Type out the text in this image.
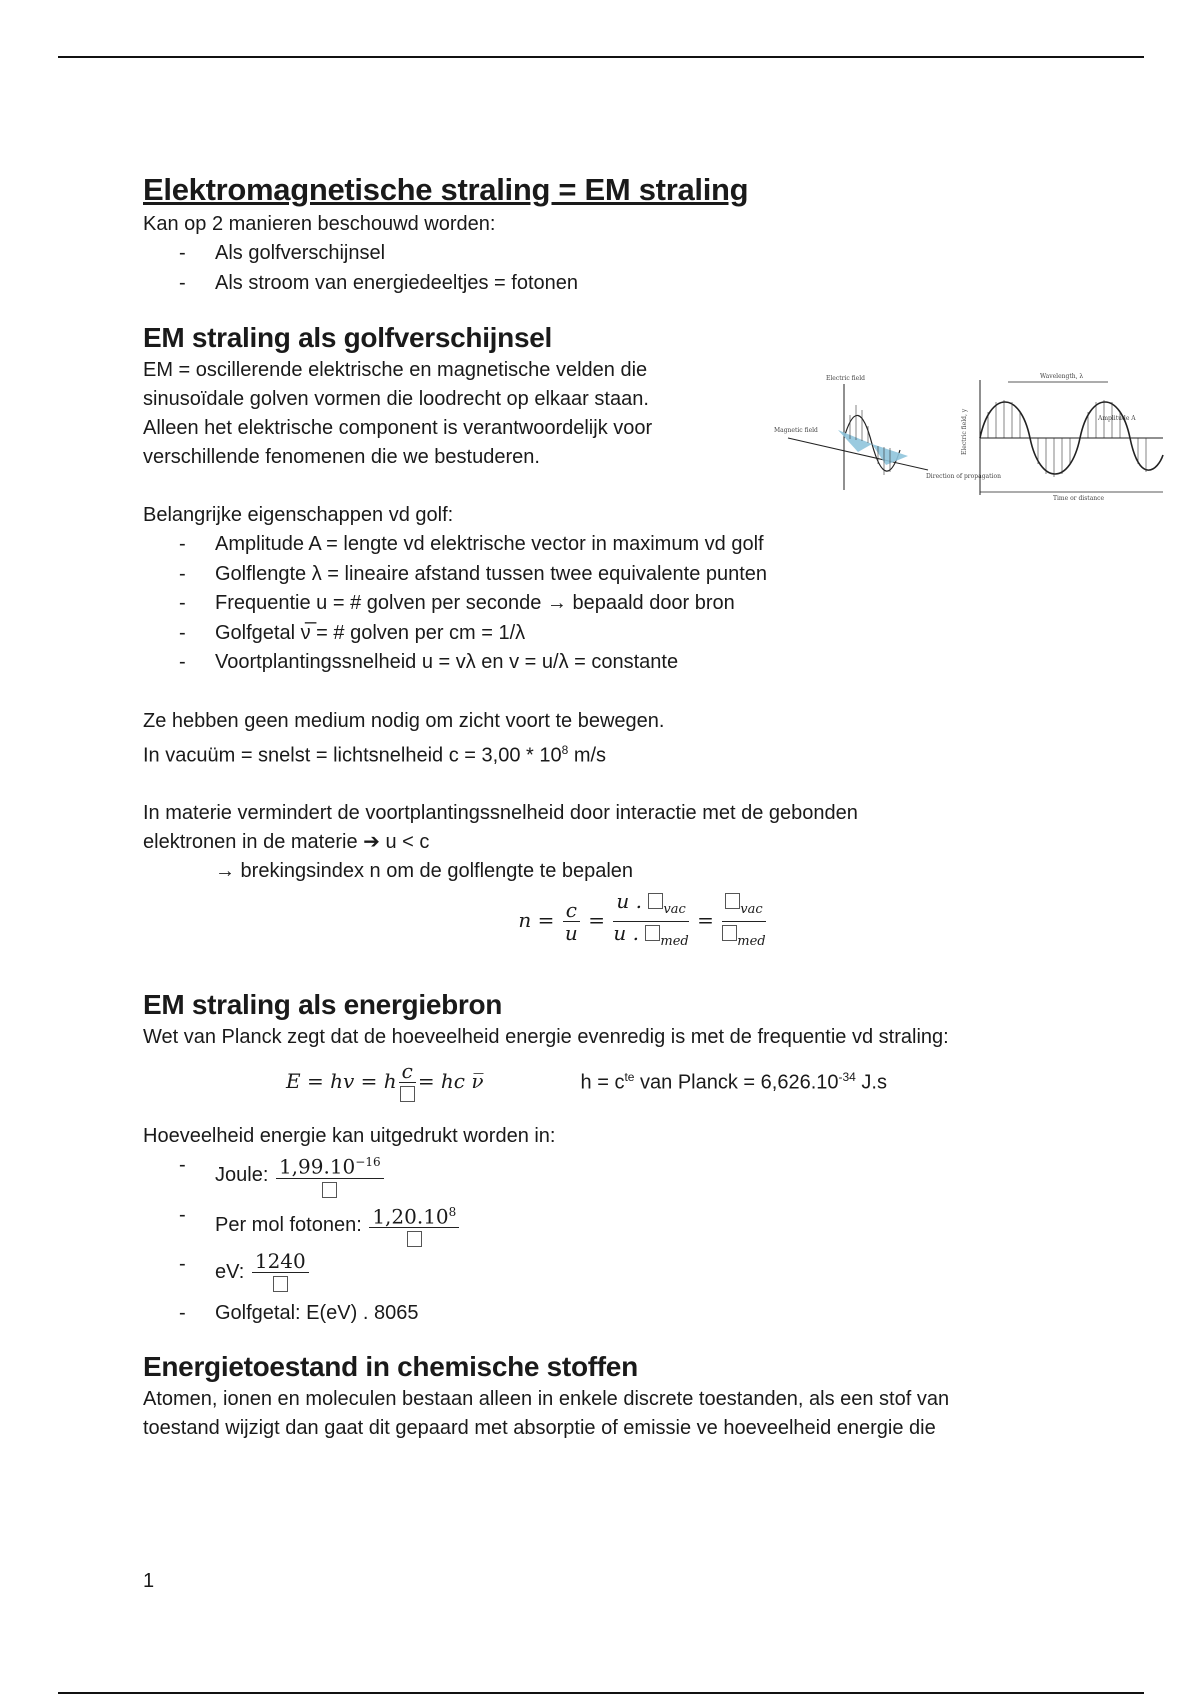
Elektromagnetische straling = EM straling

Kan op 2 manieren beschouwd worden:

- Als golfverschijnsel
- Als stroom van energiedeeltjes = fotonen
EM straling als golfverschijnsel

EM = oscillerende elektrische en magnetische velden die

sinusoïdale golven vormen die loodrecht op elkaar staan.

Alleen het elektrische component is verantwoordelijk voor

verschillende fenomenen die we bestuderen.

Belangrijke eigenschappen vd golf:

- Amplitude A = lengte vd elektrische vector in maximum vd golf
- Golflengte λ = lineaire afstand tussen twee equivalente punten
- Frequentie u = # golven per seconde → bepaald door bron
- Golfgetal ν̅ = # golven per cm = 1/λ
- Voortplantingssnelheid u = vλ en v = u/λ = constante

Ze hebben geen medium nodig om zicht voort te bewegen.

In vacuüm = snelst = lichtsnelheid $c = 3,00 * 10^8$ m/s

In materie vermindert de voortplantingssnelheid door interactie met de gebonden

elektronen in de materie ➔ u < c

→ brekingsindex n om de golflengte te bepalen

$n = \frac{c}{u} = \frac{u . _{vac}}{u . _{med}} = \frac{_{vac}}{_{med}}$
EM straling als energiebron

Wet van Planck zegt dat de hoeveelheid energie evenredig is met de frequentie vd straling:

E = hv = h c = hc ν̅	$h = c^{te}$ van Planck = $6,626.10^{-34}$ J.s

Hoeveelheid energie kan uitgedrukt worden in:

- Joule: $1,99.10^{-16}$
- Per mol fotonen: 1,20.10$^8$
- eV: 1240
- Golfgetal: E(eV) . 8065
Energietoestand in chemische stoffen

Atomen, ionen en moleculen bestaan alleen in enkele discrete toestanden, als een stof van

toestand wijzigt dan gaat dit gepaard met absorptie of emissie ve hoeveelheid energie die

Electric field
Magnetic field
Direction of propagation
Wavelength, λ
Amplitude A
Electric field, y
Time or distance
1
